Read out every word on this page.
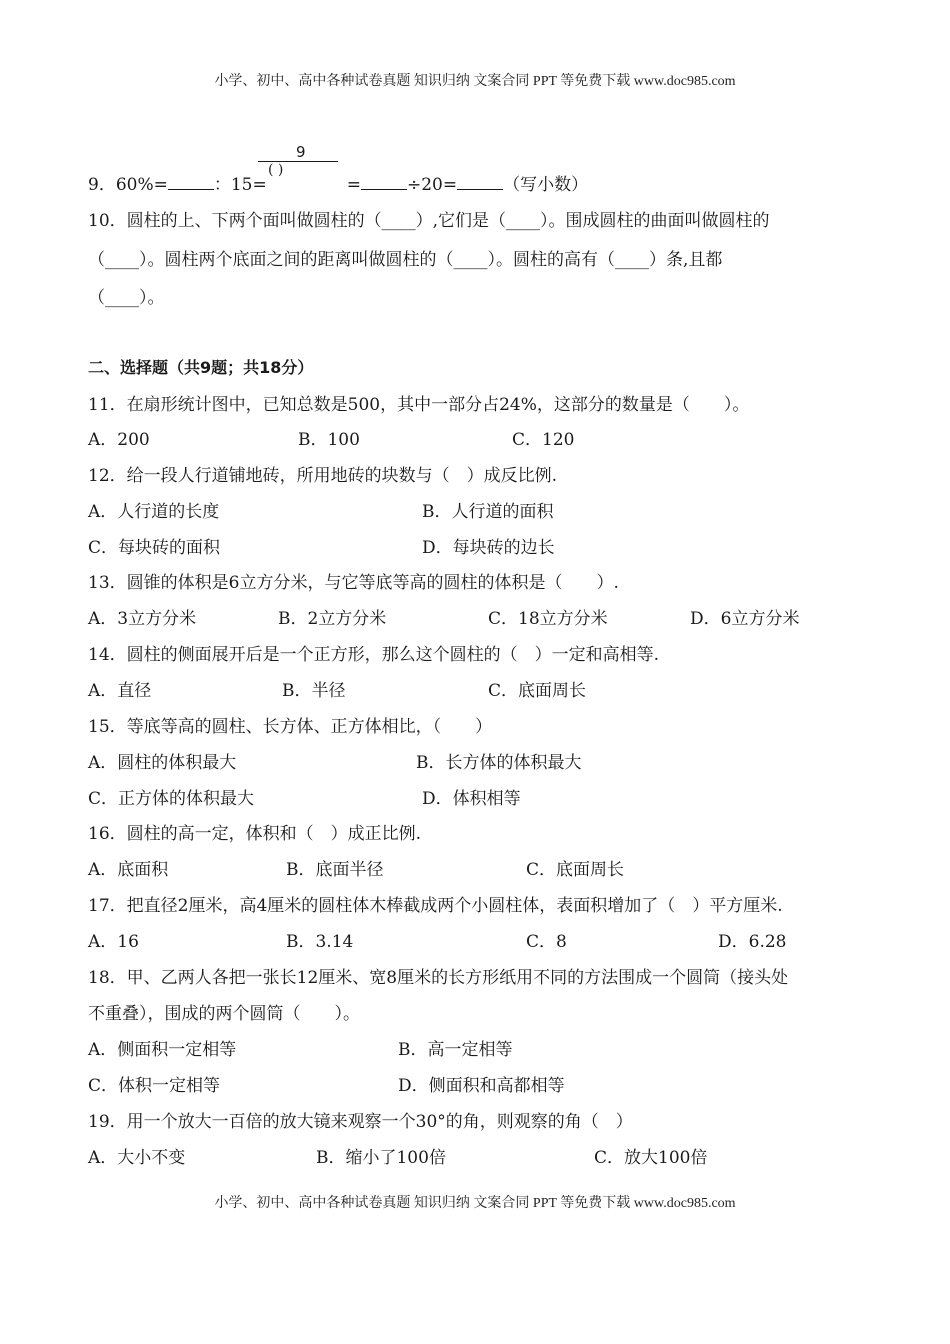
小学、初中、高中各种试卷真题 知识归纳 文案合同 PPT 等免费下载 www.doc985.com
9
( )
9．60%=	：15=	=	÷20=	（写小数）
10．圆柱的上、下两个面叫做圆柱的（____）,它们是（____）。围成圆柱的曲面叫做圆柱的
（____）。圆柱两个底面之间的距离叫做圆柱的（____）。圆柱的高有（____）条,且都
（____）。
二、选择题（共9题；共18分）
11．在扇形统计图中，已知总数是500，其中一部分占24%，这部分的数量是（　　）。
A．200	B．100	C．120
12．给一段人行道铺地砖，所用地砖的块数与（　）成反比例.
A．人行道的长度	B．人行道的面积
C．每块砖的面积	D．每块砖的边长
13．圆锥的体积是6立方分米，与它等底等高的圆柱的体积是（　　）.
A．3立方分米	B．2立方分米	C．18立方分米	D．6立方分米
14．圆柱的侧面展开后是一个正方形，那么这个圆柱的（　）一定和高相等.
A．直径	B．半径	C．底面周长
15．等底等高的圆柱、长方体、正方体相比，（　　）
A．圆柱的体积最大	B．长方体的体积最大
C．正方体的体积最大	D．体积相等
16．圆柱的高一定，体积和（　）成正比例.
A．底面积	B．底面半径	C．底面周长
17．把直径2厘米，高4厘米的圆柱体木棒截成两个小圆柱体，表面积增加了（　）平方厘米.
A．16	B．3.14	C．8	D．6.28
18．甲、乙两人各把一张长12厘米、宽8厘米的长方形纸用不同的方法围成一个圆筒（接头处
不重叠），围成的两个圆筒（　　）。
A．侧面积一定相等	B．高一定相等
C．体积一定相等	D．侧面积和高都相等
19．用一个放大一百倍的放大镜来观察一个30°的角，则观察的角（　）
A．大小不变	B．缩小了100倍	C．放大100倍
小学、初中、高中各种试卷真题 知识归纳 文案合同 PPT 等免费下载 www.doc985.com
